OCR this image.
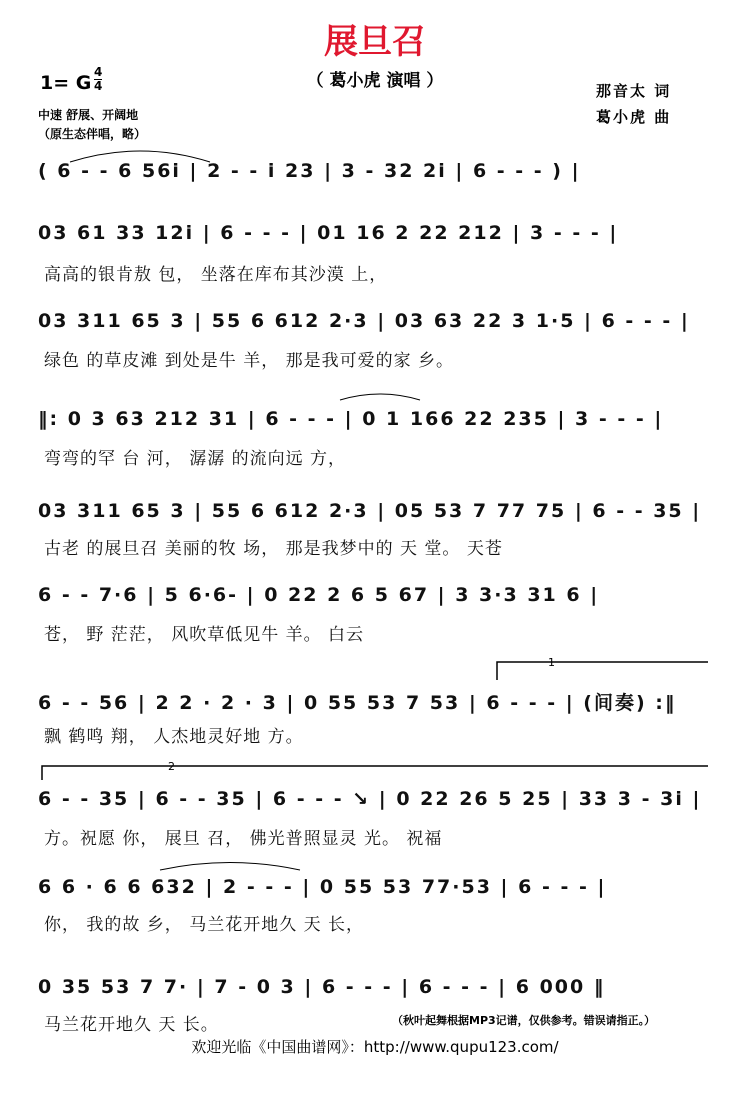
展旦召
（ 葛小虎 演唱 ）
1= G $\frac{4}{4}$
中速 舒展、开阔地
（原生态伴唱，略）
那音太 词
葛小虎 曲
( 6 - - 6 56i | 2 - - i 23 | 3 - 32 2i | 6 - - - ) |
03 61 33 12i | 6 - - - | 01 16 2 22 212 | 3 - - - |
高高的银肯敖 包， 坐落在库布其沙漠 上，
03 311 65 3 | 55 6 612 2·3 | 03 63 22 3 1·5 | 6 - - - |
绿色 的草皮滩 到处是牛 羊， 那是我可爱的家 乡。
‖: 0 3 63 212 31 | 6 - - - | 0 1 166 22 235 | 3 - - - |
弯弯的罕 台 河， 潺潺 的流向远 方，
03 311 65 3 | 55 6 612 2·3 | 05 53 7 77 75 | 6 - - 35 |
古老 的展旦召 美丽的牧 场， 那是我梦中的 天 堂。 天苍
6 - - 7·6 | 5 6·6- | 0 22 2 6 5 67 | 3 3·3 31 6 |
苍， 野 茫茫， 风吹草低见牛 羊。 白云
6 - - 56 | 2 2 · 2 · 3 | 0 55 53 7 53 | 6 - - - | (间奏) :‖
飘 鹤鸣 翔， 人杰地灵好地 方。
6 - - 35 | 6 - - 35 | 6 - - - ↘ | 0 22 26 5 25 | 33 3 - 3i |
方。祝愿 你， 展旦 召， 佛光普照显灵 光。 祝福
6 6 · 6 6 632 | 2 - - - | 0 55 53 77·53 | 6 - - - |
你， 我的故 乡， 马兰花开地久 天 长，
0 35 53 7 7· | 7 - 0 3 | 6 - - - | 6 - - - | 6 000 ‖
马兰花开地久 天 长。	（秋叶起舞根据MP3记谱，仅供参考。错误请指正。）
1
2
欢迎光临《中国曲谱网》：http://www.qupu123.com/
